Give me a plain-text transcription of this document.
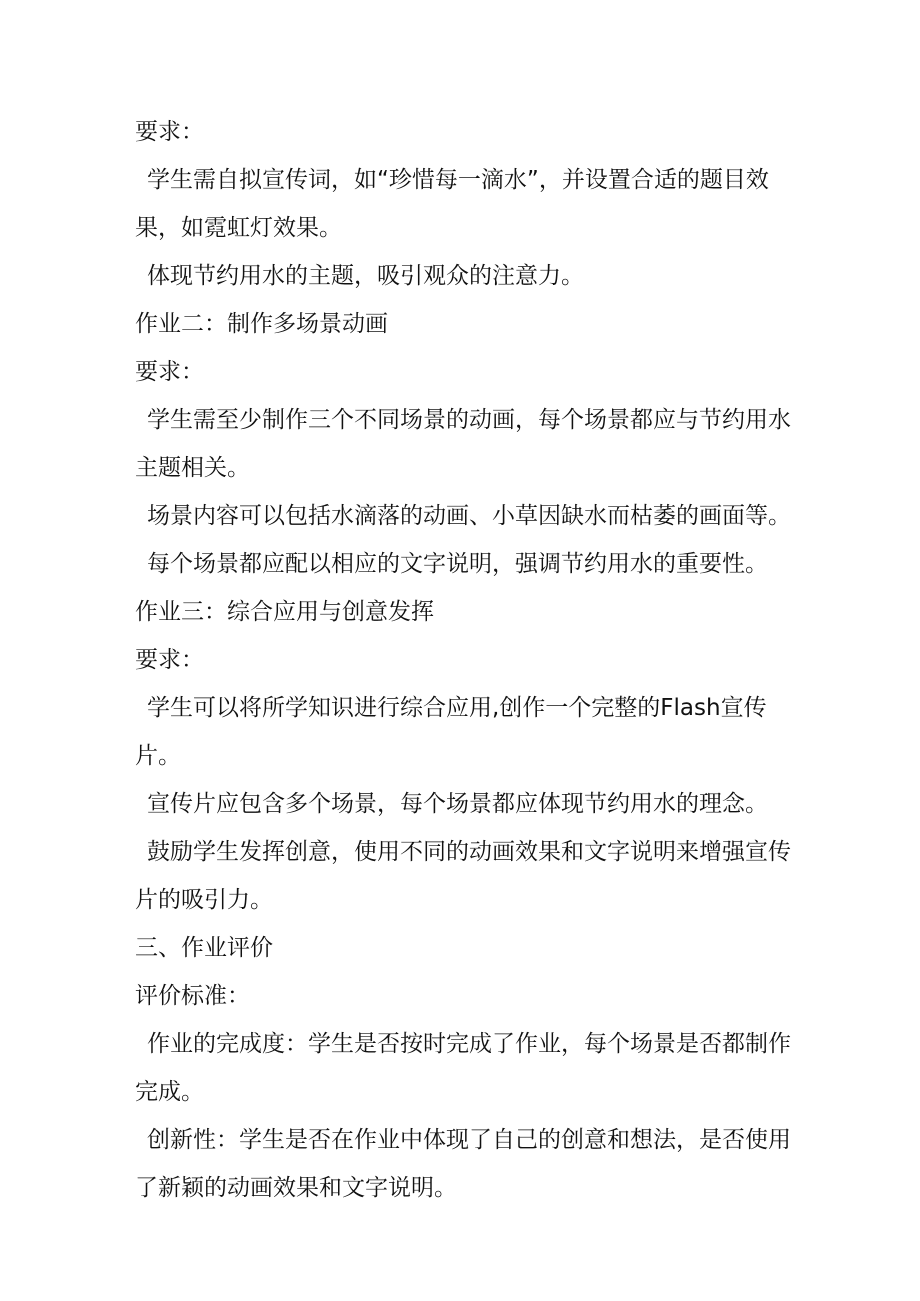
要求：

学生需自拟宣传词，如“珍惜每一滴水”，并设置合适的题目效果，如霓虹灯效果。

体现节约用水的主题，吸引观众的注意力。

作业二：制作多场景动画

要求：

学生需至少制作三个不同场景的动画，每个场景都应与节约用水主题相关。

场景内容可以包括水滴落的动画、小草因缺水而枯萎的画面等。

每个场景都应配以相应的文字说明，强调节约用水的重要性。

作业三：综合应用与创意发挥

要求：

学生可以将所学知识进行综合应用,创作一个完整的Flash宣传片。

宣传片应包含多个场景，每个场景都应体现节约用水的理念。

鼓励学生发挥创意，使用不同的动画效果和文字说明来增强宣传片的吸引力。

三、作业评价

评价标准：

作业的完成度：学生是否按时完成了作业，每个场景是否都制作完成。

创新性：学生是否在作业中体现了自己的创意和想法，是否使用了新颖的动画效果和文字说明。
